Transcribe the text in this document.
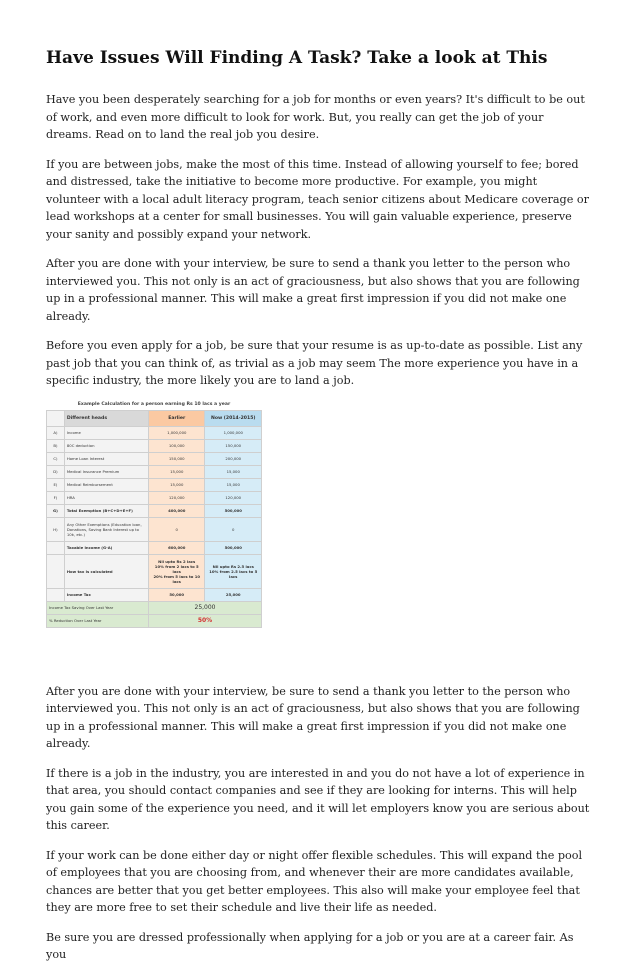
Have Issues Will Finding A Task? Take a look at This

Have you been desperately searching for a job for months or even years? It's difficult to be out of work, and even more difficult to look for work. But, you really can get the job of your dreams. Read on to land the real job you desire.

If you are between jobs, make the most of this time. Instead of allowing yourself to fee; bored and distressed, take the initiative to become more productive. For example, you might volunteer with a local adult literacy program, teach senior citizens about Medicare coverage or lead workshops at a center for small businesses. You will gain valuable experience, preserve your sanity and possibly expand your network.

After you are done with your interview, be sure to send a thank you letter to the person who interviewed you. This not only is an act of graciousness, but also shows that you are following up in a professional manner. This will make a great first impression if you did not make one already.

Before you even apply for a job, be sure that your resume is as up-to-date as possible. List any past job that you can think of, as trivial as a job may seem The more experience you have in a specific industry, the more likely you are to land a job.

Example Calculation for a person earning Rs 10 lacs a year
	Different heads	Earlier	Now (2014-2015)
A)	Income	1,000,000	1,000,000
B)	80C deduction	100,000	150,000
C)	Home Loan Interest	150,000	200,000
D)	Medical Insurance Premium	15,000	15,000
E)	Medical Reimbursement	15,000	15,000
F)	HRA	120,000	120,000
G)	Total Exemption (B+C+D+E+F)	400,000	500,000
H)	Any Other Exemptions (Education loan, Donations, Saving Bank Interest up to 10k, etc.)	0	0
	Taxable Income (G-A)	600,000	500,000
	How tax is calculated	Nil upto Rs 2 lacs
10% from 2 lacs to 5 lacs
20% from 5 lacs to 10 lacs	Nil upto Rs 2.5 lacs
10% from 2.5 lacs to 5 lacs
	Income Tax	50,000	25,000
Income Tax Saving Over Last Year		25,000	
% Reduction Over Last Year		50%	

After you are done with your interview, be sure to send a thank you letter to the person who interviewed you. This not only is an act of graciousness, but also shows that you are following up in a professional manner. This will make a great first impression if you did not make one already.

If there is a job in the industry, you are interested in and you do not have a lot of experience in that area, you should contact companies and see if they are looking for interns. This will help you gain some of the experience you need, and it will let employers know you are serious about this career.

If your work can be done either day or night offer flexible schedules. This will expand the pool of employees that you are choosing from, and whenever their are more candidates available, chances are better that you get better employees. This also will make your employee feel that they are more free to set their schedule and live their life as needed.

Be sure you are dressed professionally when applying for a job or you are at a career fair. As you
